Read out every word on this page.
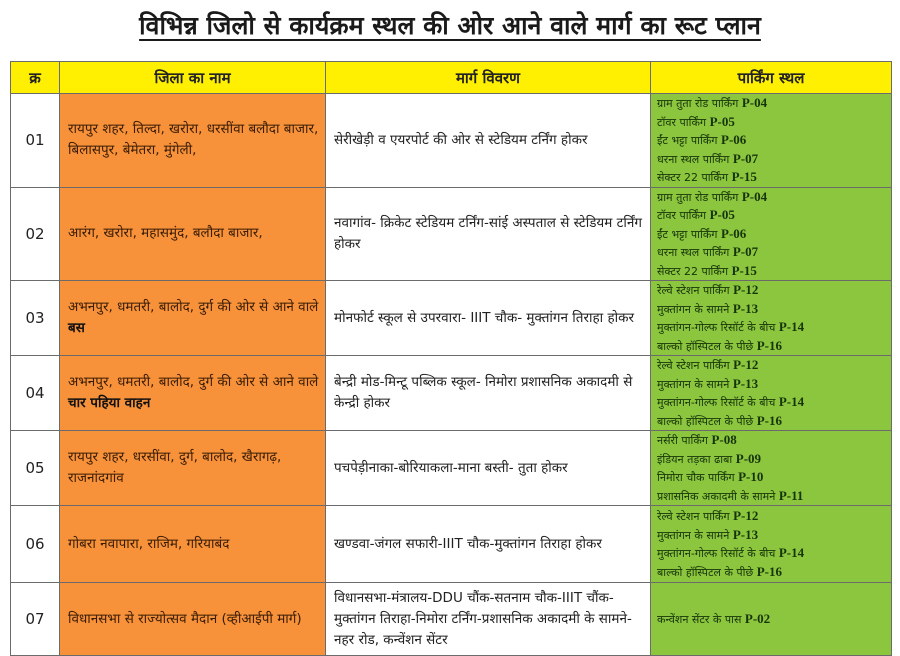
विभिन्न जिलो से कार्यक्रम स्थल की ओर आने वाले मार्ग का रूट प्लान
क्र	जिला का नाम	मार्ग विवरण	पार्किंग स्थल
01	रायपुर शहर, तिल्दा, खरोरा, धरसींवा बलौदा बाजार, बिलासपुर, बेमेतरा, मुंगेली,	सेरीखेड़ी व एयरपोर्ट की ओर से स्टेडियम टर्निंग होकर	ग्राम तुता रोड पार्किंग P-04
टॉवर पार्किंग P-05
ईंट भट्टा पार्किंग P-06
धरना स्थल पार्किंग P-07
सेक्टर 22 पार्किंग P-15

02	आरंग, खरोरा, महासमुंद, बलौदा बाजार,	नवागांव- क्रिकेट स्टेडियम टर्निंग-सांई अस्पताल से स्टेडियम टर्निंग होकर	ग्राम तुता रोड पार्किंग P-04
टॉवर पार्किंग P-05
ईंट भट्टा पार्किंग P-06
धरना स्थल पार्किंग P-07
सेक्टर 22 पार्किंग P-15

03	अभनपुर, धमतरी, बालोद, दुर्ग की ओर से आने वाले बस	मोनफोर्ट स्कूल से उपरवारा- IIIT चौक- मुक्तांगन तिराहा होकर	रेल्वे स्टेशन पार्किंग P-12
मुक्तांगन के सामने P-13
मुक्तांगन-गोल्फ रिसॉर्ट के बीच P-14
बाल्को हॉस्पिटल के पीछे P-16

04	अभनपुर, धमतरी, बालोद, दुर्ग की ओर से आने वाले चार पहिया वाहन	बेन्द्री मोड-मिन्टू पब्लिक स्कूल- निमोरा प्रशासनिक अकादमी से केन्द्री होकर	रेल्वे स्टेशन पार्किंग P-12
मुक्तांगन के सामने P-13
मुक्तांगन-गोल्फ रिसॉर्ट के बीच P-14
बाल्को हॉस्पिटल के पीछे P-16

05	रायपुर शहर, धरसींवा, दुर्ग, बालोद, खैरागढ़, राजनांदगांव	पचपेड़ीनाका-बोरियाकला-माना बस्ती- तुता होकर	नर्सरी पार्किंग P-08
इंडियन तड़का ढाबा P-09
निमोरा चौक पार्किंग P-10
प्रशासनिक अकादमी के सामने P-11

06	गोबरा नवापारा, राजिम, गरियाबंद	खण्डवा-जंगल सफारी-IIIT चौक-मुक्तांगन तिराहा होकर	रेल्वे स्टेशन पार्किंग P-12
मुक्तांगन के सामने P-13
मुक्तांगन-गोल्फ रिसॉर्ट के बीच P-14
बाल्को हॉस्पिटल के पीछे P-16

07	विधानसभा से राज्योत्सव मैदान (व्हीआईपी मार्ग)	विधानसभा-मंत्रालय-DDU चौंक-सतनाम चौक-IIIT चौंक-मुक्तांगन तिराहा-निमोरा टर्निंग-प्रशासनिक अकादमी के सामने-नहर रोड, कन्वेंशन सेंटर	कन्वेंशन सेंटर के पास P-02
